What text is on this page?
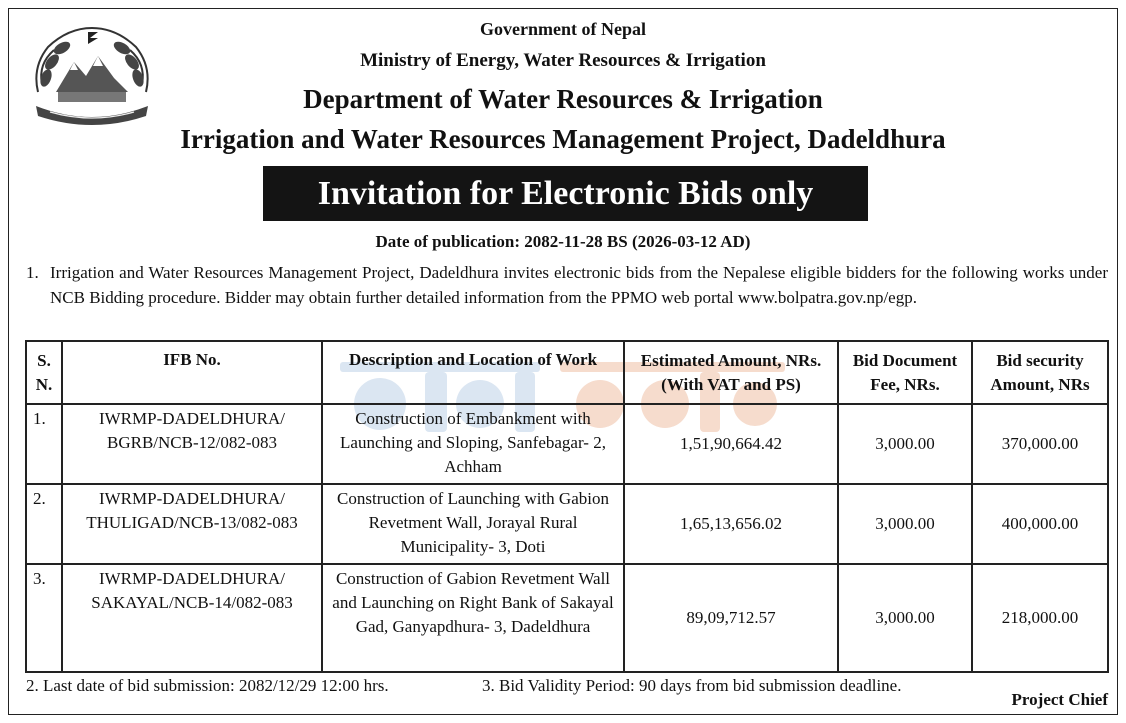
Government of Nepal
Ministry of Energy, Water Resources & Irrigation
Department of Water Resources & Irrigation
Irrigation and Water Resources Management Project, Dadeldhura
Invitation for Electronic Bids only
Date of publication: 2082-11-28 BS (2026-03-12 AD)
1. Irrigation and Water Resources Management Project, Dadeldhura invites electronic bids from the Nepalese eligible bidders for the following works under NCB Bidding procedure. Bidder may obtain further detailed information from the PPMO web portal www.bolpatra.gov.np/egp.
S. N.	IFB No.	Description and Location of Work	Estimated Amount, NRs. (With VAT and PS)	Bid Document Fee, NRs.	Bid security Amount, NRs
1.	IWRMP-DADELDHURA/ BGRB/NCB-12/082-083	Construction of Embankment with Launching and Sloping, Sanfebagar- 2, Achham	1,51,90,664.42	3,000.00	370,000.00
2.	IWRMP-DADELDHURA/ THULIGAD/NCB-13/082-083	Construction of Launching with Gabion Revetment Wall, Jorayal Rural Municipality- 3, Doti	1,65,13,656.02	3,000.00	400,000.00
3.	IWRMP-DADELDHURA/ SAKAYAL/NCB-14/082-083	Construction of Gabion Revetment Wall and Launching on Right Bank of Sakayal Gad, Ganyapdhura- 3, Dadeldhura	89,09,712.57	3,000.00	218,000.00
2. Last date of bid submission: 2082/12/29 12:00 hrs.	3. Bid Validity Period: 90 days from bid submission deadline.
Project Chief
